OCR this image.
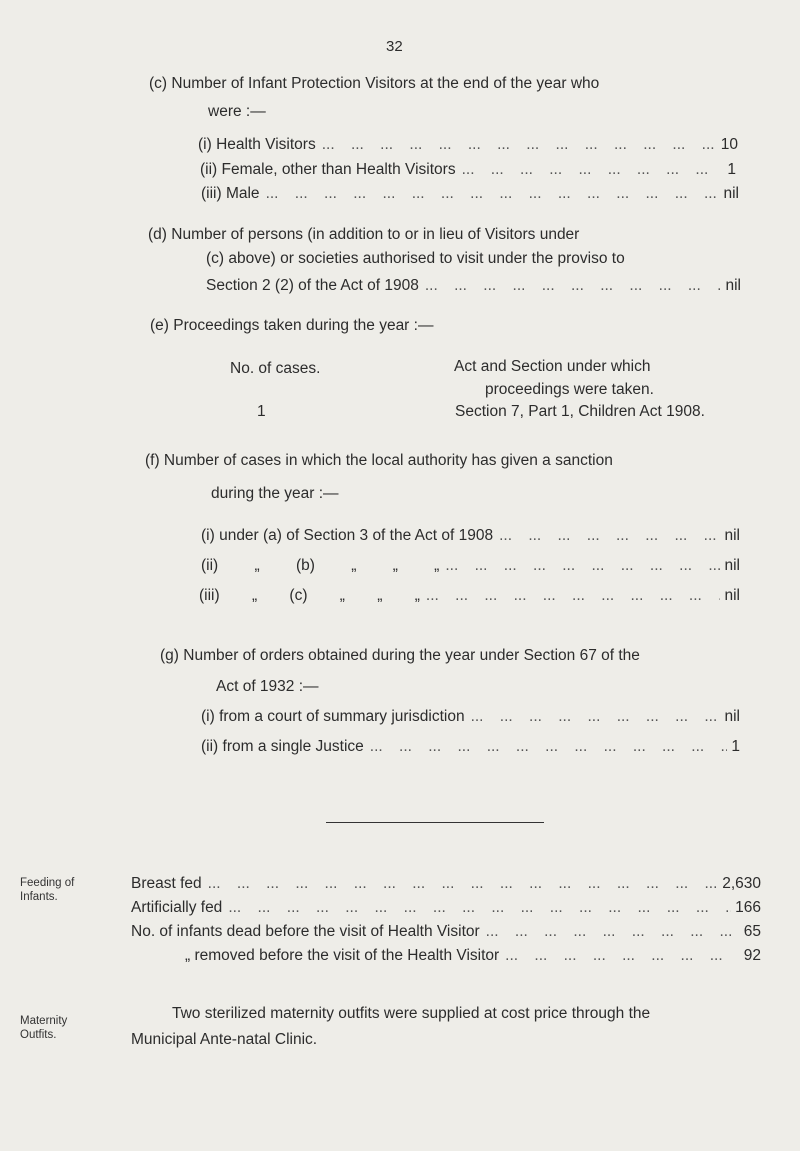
32
(c) Number of Infant Protection Visitors at the end of the year who
were :—
(i) Health Visitors ... .	10
(ii) Female, other than Health Visitors ... .	1
(iii) Male ... .	nil
(d) Number of persons (in addition to or in lieu of Visitors under
(c) above) or societies authorised to visit under the proviso to
Section 2 (2) of the Act of 1908 ... .	nil
(e) Proceedings taken during the year :—
No. of cases.	Act and Section under which
proceedings were taken.
1	Section 7, Part 1, Children Act 1908.
(f) Number of cases in which the local authority has given a sanction
during the year :—
(i) under (a) of Section 3 of the Act of 1908 ... .	nil
(ii) „ (b) „ „ „ ... .	nil
(iii) „ (c) „ „ „ ... .	nil
(g) Number of orders obtained during the year under Section 67 of the
Act of 1932 :—
(i) from a court of summary jurisdiction ... .	nil
(ii) from a single Justice ... .	1
Feeding of
Infants.
Breast fed ... .	2,630
Artificially fed ... .	166
No. of infants dead before the visit of Health Visitor ... .	65
„ removed before the visit of the Health Visitor ... .	92
Maternity
Outfits.
Two sterilized maternity outfits were supplied at cost price through the
Municipal Ante-natal Clinic.
